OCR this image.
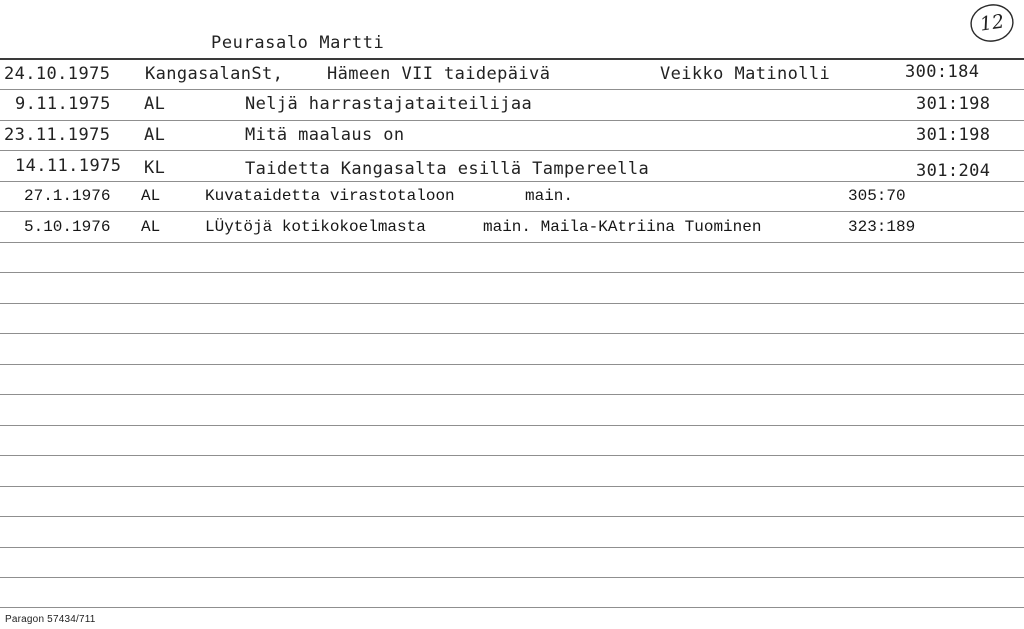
Peurasalo Martti
12
24.10.1975 KangasalanSt,	Hämeen VII taidepäivä	Veikko Matinolli	300:184
9.11.1975 AL	Neljä harrastajataiteilijaa	301:198
23.11.1975 AL	Mitä maalaus on	301:198
14.11.1975 KL	Taidetta Kangasalta esillä Tampereella	301:204
27.1.1976 AL	Kuvataidetta virastotaloon	main.	305:70
5.10.1976 AL	LÜytöjä kotikokoelmasta	main. Maila-KAtriina Tuominen	323:189
Paragon 57434/711
